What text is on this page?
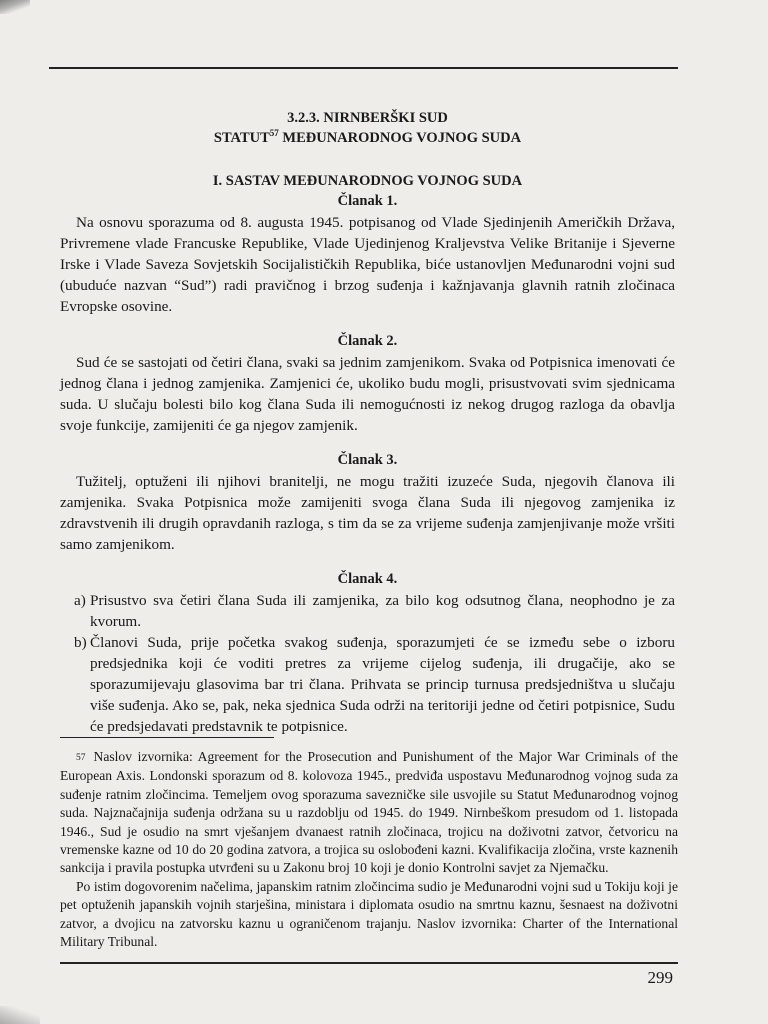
3.2.3. NIRNBERŠKI SUD
STATUT$^{57}$ MEĐUNARODNOG VOJNOG SUDA
I. SASTAV MEĐUNARODNOG VOJNOG SUDA
Članak 1.

Na osnovu sporazuma od 8. augusta 1945. potpisanog od Vlade Sjedinjenih Američkih Država, Privremene vlade Francuske Republike, Vlade Ujedinjenog Kraljevstva Velike Britanije i Sjeverne Irske i Vlade Saveza Sovjetskih Socijalističkih Republika, biće ustanovljen Međunarodni vojni sud (ubuduće nazvan “Sud”) radi pravičnog i brzog suđenja i kažnjavanja glavnih ratnih zločinaca Evropske osovine.

Članak 2.

Sud će se sastojati od četiri člana, svaki sa jednim zamjenikom. Svaka od Potpisnica imenovati će jednog člana i jednog zamjenika. Zamjenici će, ukoliko budu mogli, prisustvovati svim sjednicama suda. U slučaju bolesti bilo kog člana Suda ili nemogućnosti iz nekog drugog razloga da obavlja svoje funkcije, zamijeniti će ga njegov zamjenik.

Članak 3.

Tužitelj, optuženi ili njihovi branitelji, ne mogu tražiti izuzeće Suda, njegovih članova ili zamjenika. Svaka Potpisnica može zamijeniti svoga člana Suda ili njegovog zamjenika iz zdravstvenih ili drugih opravdanih razloga, s tim da se za vrijeme suđenja zamjenjivanje može vršiti samo zamjenikom.

Članak 4.
a) Prisustvo sva četiri člana Suda ili zamjenika, za bilo kog odsutnog člana, neophodno je za kvorum.
b) Članovi Suda, prije početka svakog suđenja, sporazumjeti će se između sebe o izboru predsjednika koji će voditi pretres za vrijeme cijelog suđenja, ili drugačije, ako se sporazumijevaju glasovima bar tri člana. Prihvata se princip turnusa predsjedništva u slučaju više suđenja. Ako se, pak, neka sjednica Suda održi na teritoriji jedne od četiri potpisnice, Sudu će predsjedavati predstavnik te potpisnice.
57 Naslov izvornika: Agreement for the Prosecution and Punishument of the Major War Criminals of the European Axis. Londonski sporazum od 8. kolovoza 1945., predviđa uspostavu Međunarodnog vojnog suda za suđenje ratnim zločincima. Temeljem ovog sporazuma savezničke sile usvojile su Statut Međunarodnog vojnog suda. Najznačajnija suđenja održana su u razdoblju od 1945. do 1949. Nirnbeškom presudom od 1. listopada 1946., Sud je osudio na smrt vješanjem dvanaest ratnih zločinaca, trojicu na doživotni zatvor, četvoricu na vremenske kazne od 10 do 20 godina zatvora, a trojica su oslobođeni kazni. Kvalifikacija zločina, vrste kaznenih sankcija i pravila postupka utvrđeni su u Zakonu broj 10 koji je donio Kontrolni savjet za Njemačku.
Po istim dogovorenim načelima, japanskim ratnim zločincima sudio je Međunarodni vojni sud u Tokiju koji je pet optuženih japanskih vojnih starješina, ministara i diplomata osudio na smrtnu kaznu, šesnaest na doživotni zatvor, a dvojicu na zatvorsku kaznu u ograničenom trajanju. Naslov izvornika: Charter of the International Military Tribunal.
299
